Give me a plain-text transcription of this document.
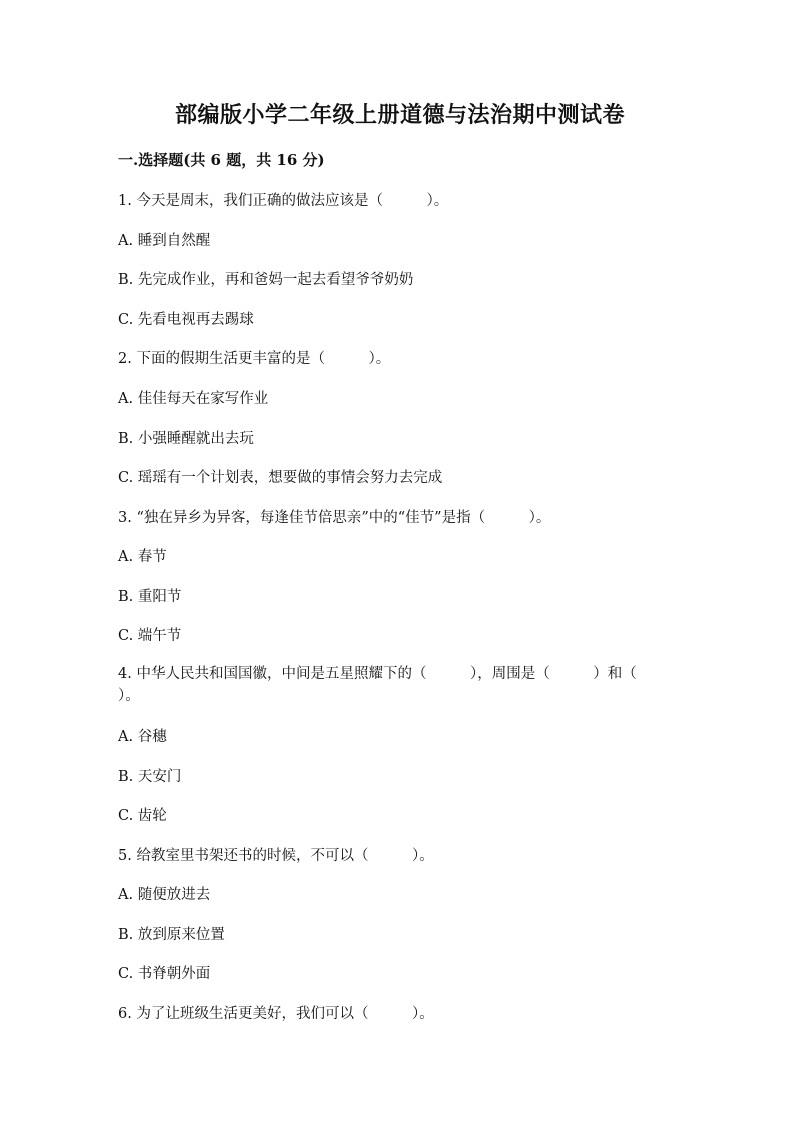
部编版小学二年级上册道德与法治期中测试卷
一.选择题(共 6 题，共 16 分)
1. 今天是周末，我们正确的做法应该是（　　　）。
A. 睡到自然醒
B. 先完成作业，再和爸妈一起去看望爷爷奶奶
C. 先看电视再去踢球
2. 下面的假期生活更丰富的是（　　　）。
A. 佳佳每天在家写作业
B. 小强睡醒就出去玩
C. 瑶瑶有一个计划表，想要做的事情会努力去完成
3. “独在异乡为异客，每逢佳节倍思亲”中的“佳节”是指（　　　）。
A. 春节
B. 重阳节
C. 端午节
4. 中华人民共和国国徽，中间是五星照耀下的（　　　），周围是（　　　）和（　　　）。
A. 谷穗
B. 天安门
C. 齿轮
5. 给教室里书架还书的时候，不可以（　　　）。
A. 随便放进去
B. 放到原来位置
C. 书脊朝外面
6. 为了让班级生活更美好，我们可以（　　　）。
